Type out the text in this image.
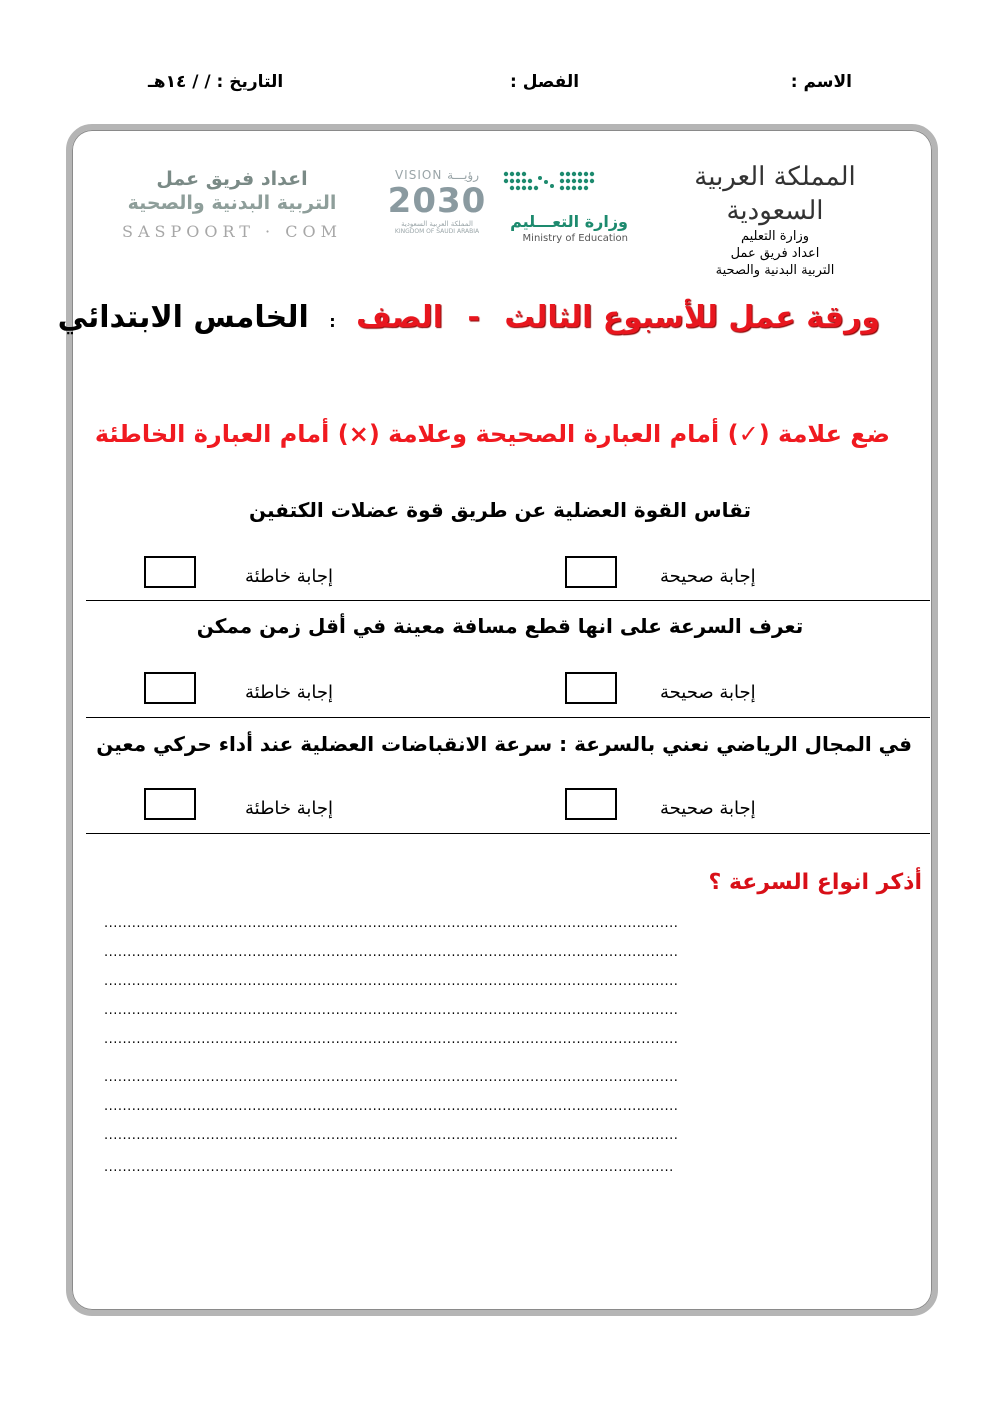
الاسم :
الفصل :
التاريخ : / / ١٤هـ
اعداد فريق عمل
التربية البدنية والصحية
SASPOORT · COM
VISION رؤيـــة
2030
المملكة العربية السعودية
KINGDOM OF SAUDI ARABIA
وزارة التعـــليم
Ministry of Education
المملكة العربية السعودية
وزارة التعليم
اعداد فريق عمل
التربية البدنية والصحية
ورقة عمل للأسبوع الثالث - الصف : الخامس الابتدائي
ضع علامة (✓) أمام العبارة الصحيحة وعلامة (×) أمام العبارة الخاطئة
تقاس القوة العضلية عن طريق قوة عضلات الكتفين
إجابة صحيحة
إجابة خاطئة
تعرف السرعة على انها قطع مسافة معينة في أقل زمن ممكن
إجابة صحيحة
إجابة خاطئة
في المجال الرياضي نعني بالسرعة : سرعة الانقباضات العضلية عند أداء حركي معين
إجابة صحيحة
إجابة خاطئة
أذكر انواع السرعة ؟
............................................................................................................................
............................................................................................................................
............................................................................................................................
............................................................................................................................
............................................................................................................................
............................................................................................................................
............................................................................................................................
............................................................................................................................
...........................................................................................................................
